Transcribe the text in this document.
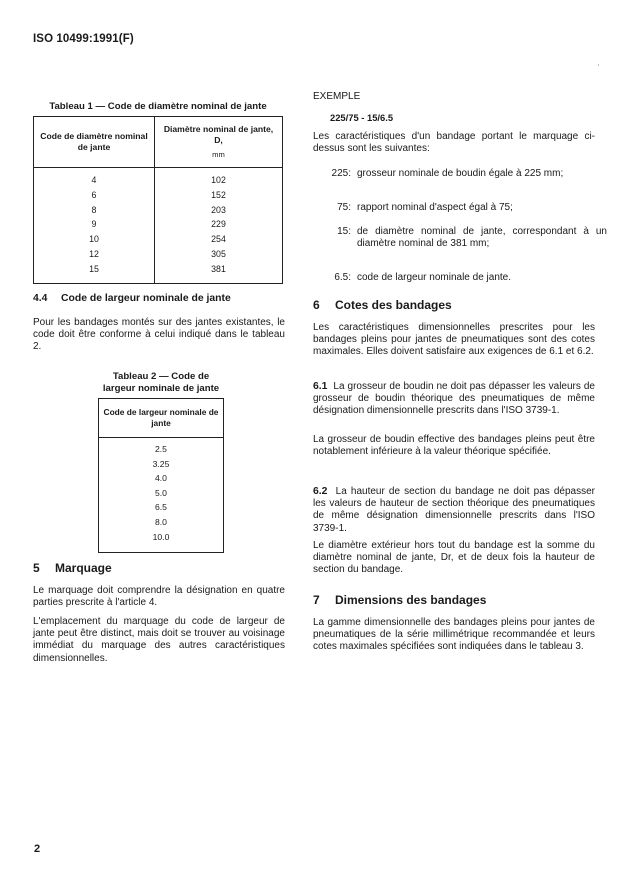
ISO 10499:1991(F)
Tableau 1 — Code de diamètre nominal de jante
Code de diamètre nominal de jante	Diamètre nominal de jante, D,
mm

4	102
6	152
8	203
9	229
10	254
12	305
15	381
4.4 Code de largeur nominale de jante
Pour les bandages montés sur des jantes existantes, le code doit être conforme à celui indiqué dans le tableau 2.
Tableau 2 — Code de
largeur nominale de jante
Code de largeur nominale de jante
2.5
3.25
4.0
5.0
6.5
8.0
10.0
5 Marquage
Le marquage doit comprendre la désignation en quatre parties prescrite à l'article 4.
L'emplacement du marquage du code de largeur de jante peut être distinct, mais doit se trouver au voisinage immédiat du marquage des autres caractéristiques dimensionnelles.
EXEMPLE
225/75 - 15/6.5
Les caractéristiques d'un bandage portant le marquage ci-dessus sont les suivantes:
225: grosseur nominale de boudin égale à 225 mm;
75: rapport nominal d'aspect égal à 75;
15: de diamètre nominal de jante, correspondant à un diamètre nominal de 381 mm;
6.5: code de largeur nominale de jante.
6 Cotes des bandages
Les caractéristiques dimensionnelles prescrites pour les bandages pleins pour jantes de pneumatiques sont des cotes maximales. Elles doivent satisfaire aux exigences de 6.1 et 6.2.
6.1 La grosseur de boudin ne doit pas dépasser les valeurs de grosseur de boudin théorique des pneumatiques de même désignation dimensionnelle prescrits dans l'ISO 3739-1.
La grosseur de boudin effective des bandages pleins peut être notablement inférieure à la valeur théorique spécifiée.
6.2 La hauteur de section du bandage ne doit pas dépasser les valeurs de hauteur de section théorique des pneumatiques de même désignation dimensionnelle prescrits dans l'ISO 3739-1.
Le diamètre extérieur hors tout du bandage est la somme du diamètre nominal de jante, Dr, et de deux fois la hauteur de section du bandage.
7 Dimensions des bandages
La gamme dimensionnelle des bandages pleins pour jantes de pneumatiques de la série millimétrique recommandée et leurs cotes maximales spécifiées sont indiquées dans le tableau 3.
2
